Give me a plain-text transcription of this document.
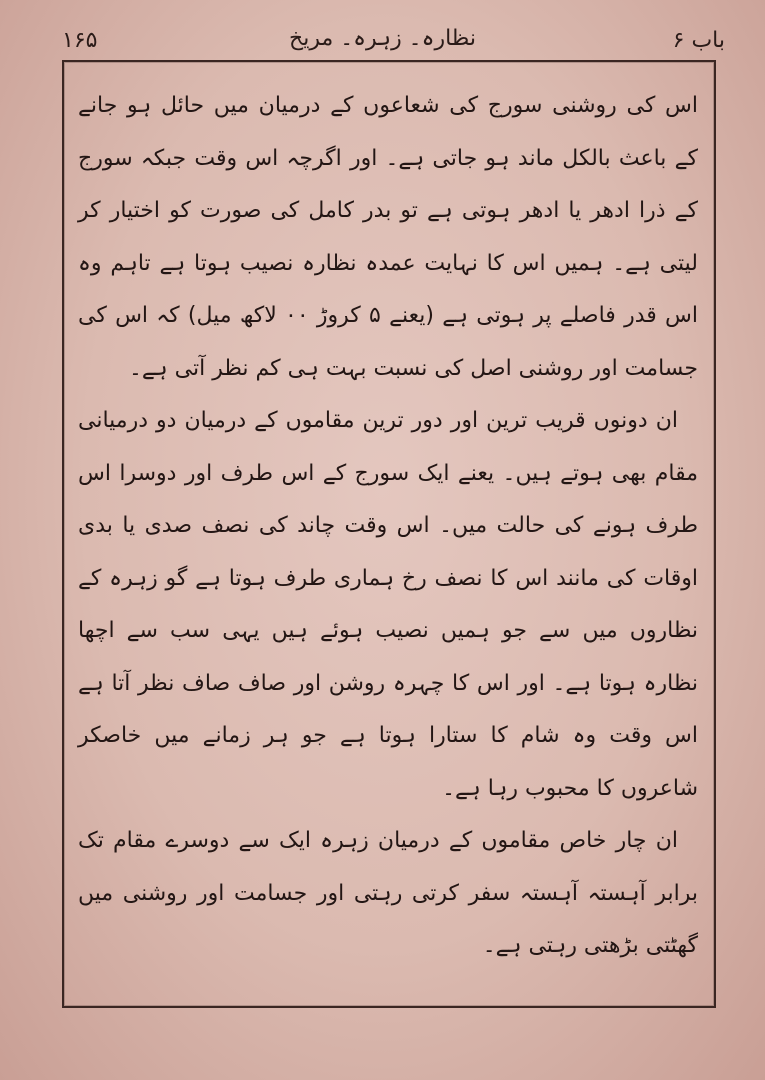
۱۶۵	نظارہ۔ زہرہ۔ مریخ	باب ۶

اس کی روشنی سورج کی شعاعوں کے درمیان میں حائل ہو جانے کے باعث بالکل ماند ہو جاتی ہے۔ اور اگرچہ اس وقت جبکہ سورج کے ذرا ادھر یا ادھر ہوتی ہے تو بدر کامل کی صورت کو اختیار کر لیتی ہے۔ ہمیں اس کا نہایت عمدہ نظارہ نصیب ہوتا ہے تاہم وہ اس قدر فاصلے پر ہوتی ہے (یعنے ۵ کروڑ ۰۰ لاکھ میل) کہ اس کی جسامت اور روشنی اصل کی نسبت بہت ہی کم نظر آتی ہے۔

ان دونوں قریب ترین اور دور ترین مقاموں کے درمیان دو درمیانی مقام بھی ہوتے ہیں۔ یعنے ایک سورج کے اس طرف اور دوسرا اس طرف ہونے کی حالت میں۔ اس وقت چاند کی نصف صدی یا بدی اوقات کی مانند اس کا نصف رخ ہماری طرف ہوتا ہے گو زہرہ کے نظاروں میں سے جو ہمیں نصیب ہوئے ہیں یہی سب سے اچھا نظارہ ہوتا ہے۔ اور اس کا چہرہ روشن اور صاف صاف نظر آتا ہے اس وقت وہ شام کا ستارا ہوتا ہے جو ہر زمانے میں خاصکر شاعروں کا محبوب رہا ہے۔

ان چار خاص مقاموں کے درمیان زہرہ ایک سے دوسرے مقام تک برابر آہستہ آہستہ سفر کرتی رہتی اور جسامت اور روشنی میں گھٹتی بڑھتی رہتی ہے۔
